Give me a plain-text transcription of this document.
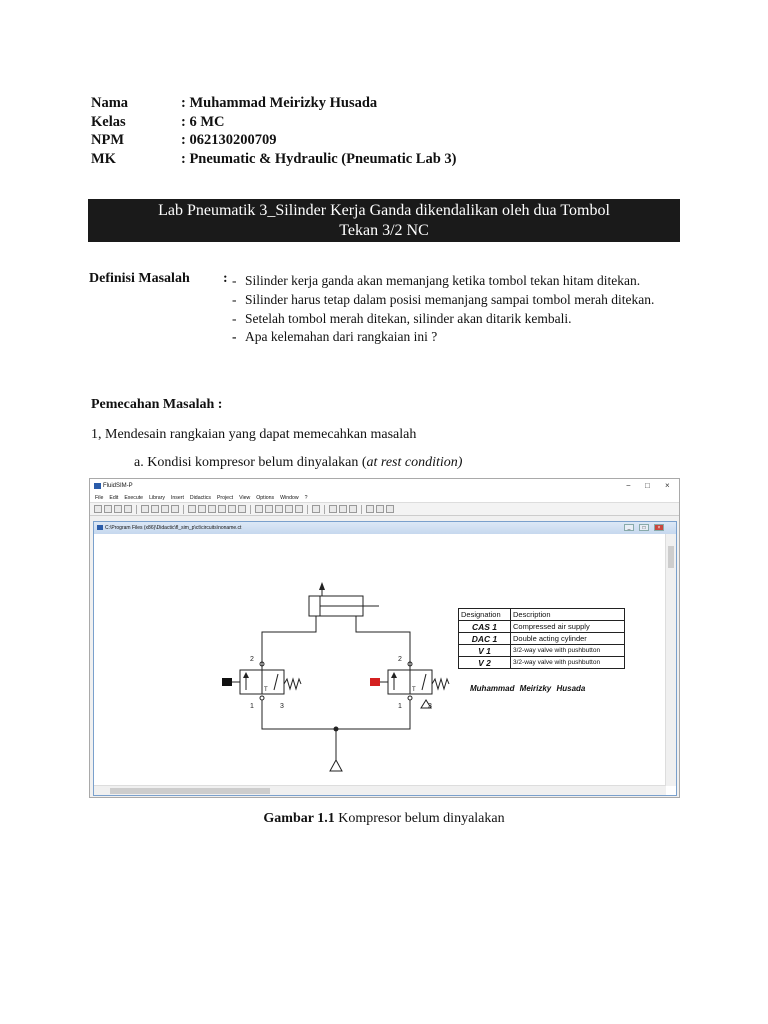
Nama	: Muhammad Meirizky Husada
Kelas	: 6 MC
NPM	: 062130200709
MK	: Pneumatic & Hydraulic (Pneumatic Lab 3)
Lab Pneumatik 3_Silinder Kerja Ganda dikendalikan oleh dua Tombol
Tekan 3/2 NC
Definisi Masalah : - Silinder kerja ganda akan memanjang ketika tombol tekan hitam ditekan.
- Silinder harus tetap dalam posisi memanjang sampai tombol merah ditekan.
- Setelah tombol merah ditekan, silinder akan ditarik kembali.
- Apa kelemahan dari rangkaian ini ?
Pemecahan Masalah :
1, Mendesain rangkaian yang dapat memecahkan masalah
a. Kondisi kompresor belum dinyalakan (at rest condition)
FluidSIM-P	− □ ×
File Edit Execute Library Insert Didactics Project View Options Window ?
C:\Program Files (x86)\Didactic\fl_sim_p\ct\circuits\noname.ct	_	□	×
2
1	3
2
1	3
T	T
Designation	Description
CAS 1	Compressed air supply
DAC 1	Double acting cylinder
V 1	3/2-way valve with pushbutton
V 2	3/2-way valve with pushbutton
Muhammad Meirizky Husada
Gambar 1.1 Kompresor belum dinyalakan
